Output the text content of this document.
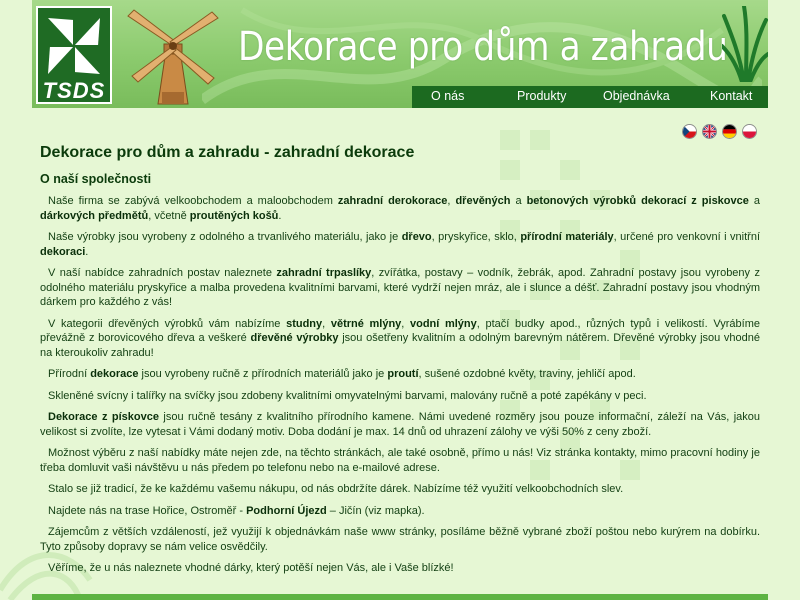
TSDS
Dekorace pro dům a zahradu
O nás	Produkty	Objednávka	Kontakt
Dekorace pro dům a zahradu - zahradní dekorace
O naší společnosti

Naše firma se zabývá velkoobchodem a maloobchodem zahradní derokorace, dřevěných a betonových výrobků dekorací z piskovce a dárkových předmětů, včetně proutěných košů.

Naše výrobky jsou vyrobeny z odolného a trvanlivého materiálu, jako je dřevo, pryskyřice, sklo, přírodní materiály, určené pro venkovní i vnitřní dekoraci.

V naší nabídce zahradních postav naleznete zahradní trpaslíky, zvířátka, postavy – vodník, žebrák, apod. Zahradní postavy jsou vyrobeny z odolného materiálu pryskyřice a malba provedena kvalitními barvami, které vydrží nejen mráz, ale i slunce a déšť. Zahradní postavy jsou vhodným dárkem pro každého z vás!

V kategorii dřevěných výrobků vám nabízíme studny, větrné mlýny, vodní mlýny, ptačí budky apod., různých typů i velikostí. Vyrábíme převážně z borovicového dřeva a veškeré dřevěné výrobky jsou ošetřeny kvalitním a odolným barevným nátěrem. Dřevěné výrobky jsou vhodné na kteroukoliv zahradu!

Přírodní dekorace jsou vyrobeny ručně z přírodních materiálů jako je proutí, sušené ozdobné květy, traviny, jehličí apod.

Skleněné svícny i talířky na svíčky jsou zdobeny kvalitními omyvatelnými barvami, malovány ručně a poté zapékány v peci.

Dekorace z pískovce jsou ručně tesány z kvalitního přírodního kamene. Námi uvedené rozměry jsou pouze informační, záleží na Vás, jakou velikost si zvolíte, lze vytesat i Vámi dodaný motiv. Doba dodání je max. 14 dnů od uhrazení zálohy ve výši 50% z ceny zboží.

Možnost výběru z naší nabídky máte nejen zde, na těchto stránkách, ale také osobně, přímo u nás! Viz stránka kontakty, mimo pracovní hodiny je třeba domluvit vaši návštěvu u nás předem po telefonu nebo na e-mailové adrese.

Stalo se již tradicí, že ke každému vašemu nákupu, od nás obdržíte dárek. Nabízíme též využití velkoobchodních slev.

Najdete nás na trase Hořice, Ostroměř - Podhorní Újezd – Jičín (viz mapka).

Zájemcům z větších vzdáleností, jež využijí k objednávkám naše www stránky, posíláme běžně vybrané zboží poštou nebo kurýrem na dobírku. Tyto způsoby dopravy se nám velice osvědčily.

Věříme, že u nás naleznete vhodné dárky, který potěší nejen Vás, ale i Vaše blízké!
